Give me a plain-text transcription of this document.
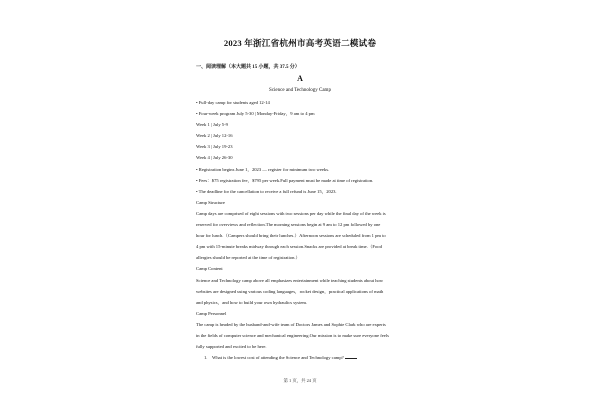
2023 年浙江省杭州市高考英语二模试卷
一、阅读理解（本大题共 15 小题，共 37.5 分）
A
Science and Technology Camp
• Full-day camp for students aged 12-14
• Four-week program July 5-30 | Monday-Friday，9 am to 4 pm
Week 1 | July 5-9
Week 2 | July 12-16
Week 3 | July 19-23
Week 4 | July 26-30
• Registration begins June 1，2023 — register for minimum two weeks.
• Fees：$75 registration fee，$795 per week.Full payment must be made at time of registration.
• The deadline for the cancellation to receive a full refund is June 15，2023.
Camp Structure
Camp days are comprised of eight sessions with two sessions per day while the final day of the week is
reserved for overviews and reflection.The morning sessions begin at 9 am to 12 pm followed by one
hour for lunch.（Campers should bring their lunches.）Afternoon sessions are scheduled from 1 pm to
4 pm with 15-minute breaks midway through each session.Snacks are provided at break time.（Food
allergies should be reported at the time of registration.）
Camp Content
Science and Technology camp above all emphasizes entertainment while teaching students about how
websites are designed using various coding languages，rocket design，practical applications of math
and physics，and how to build your own hydraulics system.
Camp Personnel
The camp is headed by the husband-and-wife team of Doctors James and Sophie Clark who are experts
in the fields of computer science and mechanical engineering.Our mission is to make sure everyone feels
fully supported and excited to be here.
1.　What is the lowest cost of attending the Science and Technology camp?
第 1 页，共 24 页
